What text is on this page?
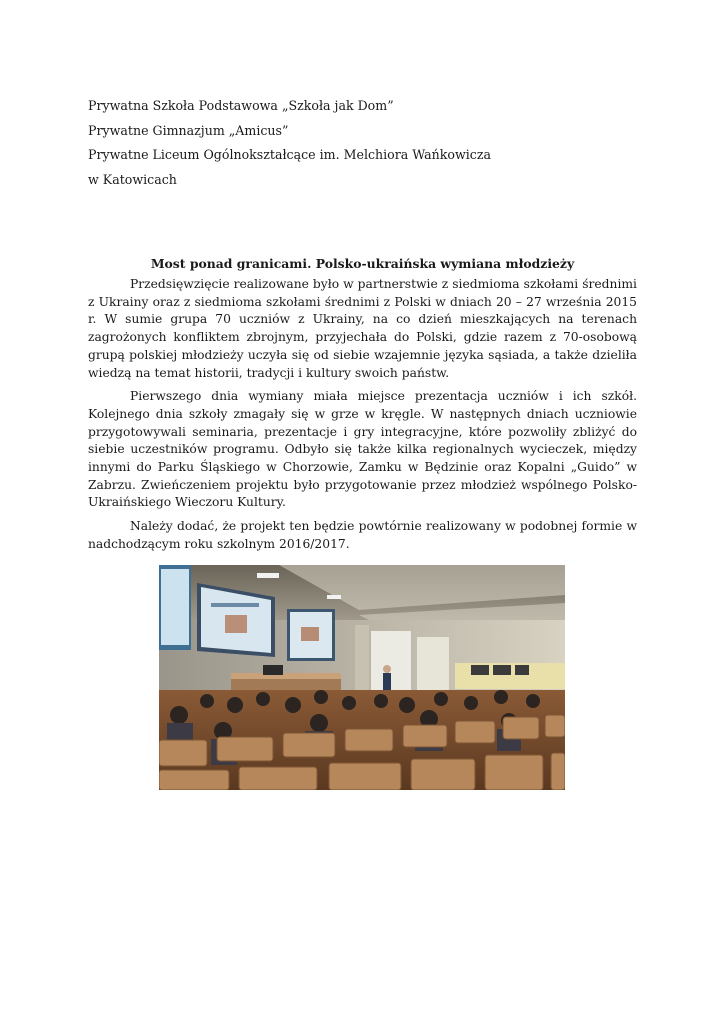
Prywatna Szkoła Podstawowa „Szkoła jak Dom”
Prywatne Gimnazjum „Amicus”
Prywatne Liceum Ogólnokształcące im. Melchiora Wańkowicza
w Katowicach
Most ponad granicami. Polsko-ukraińska wymiana młodzieży

Przedsięwzięcie realizowane było w partnerstwie z siedmioma szkołami średnimi z Ukrainy oraz z siedmioma szkołami średnimi z Polski w dniach 20 – 27 września 2015 r. W sumie grupa 70 uczniów z Ukrainy, na co dzień mieszkających na terenach zagrożonych konfliktem zbrojnym, przyjechała do Polski, gdzie razem z 70-osobową grupą polskiej młodzieży uczyła się od siebie wzajemnie języka sąsiada, a także dzieliła wiedzą na temat historii, tradycji i kultury swoich państw.

Pierwszego dnia wymiany miała miejsce prezentacja uczniów i ich szkół. Kolejnego dnia szkoły zmagały się w grze w kręgle. W następnych dniach uczniowie przygotowywali seminaria, prezentacje i gry integracyjne, które pozwoliły zbliżyć do siebie uczestników programu. Odbyło się także kilka regionalnych wycieczek, między innymi do Parku Śląskiego w Chorzowie, Zamku w Będzinie oraz Kopalni „Guido” w Zabrzu. Zwieńczeniem projektu było przygotowanie przez młodzież wspólnego Polsko-Ukraińskiego Wieczoru Kultury.

Należy dodać, że projekt ten będzie powtórnie realizowany w podobnej formie w nadchodzącym roku szkolnym 2016/2017.
